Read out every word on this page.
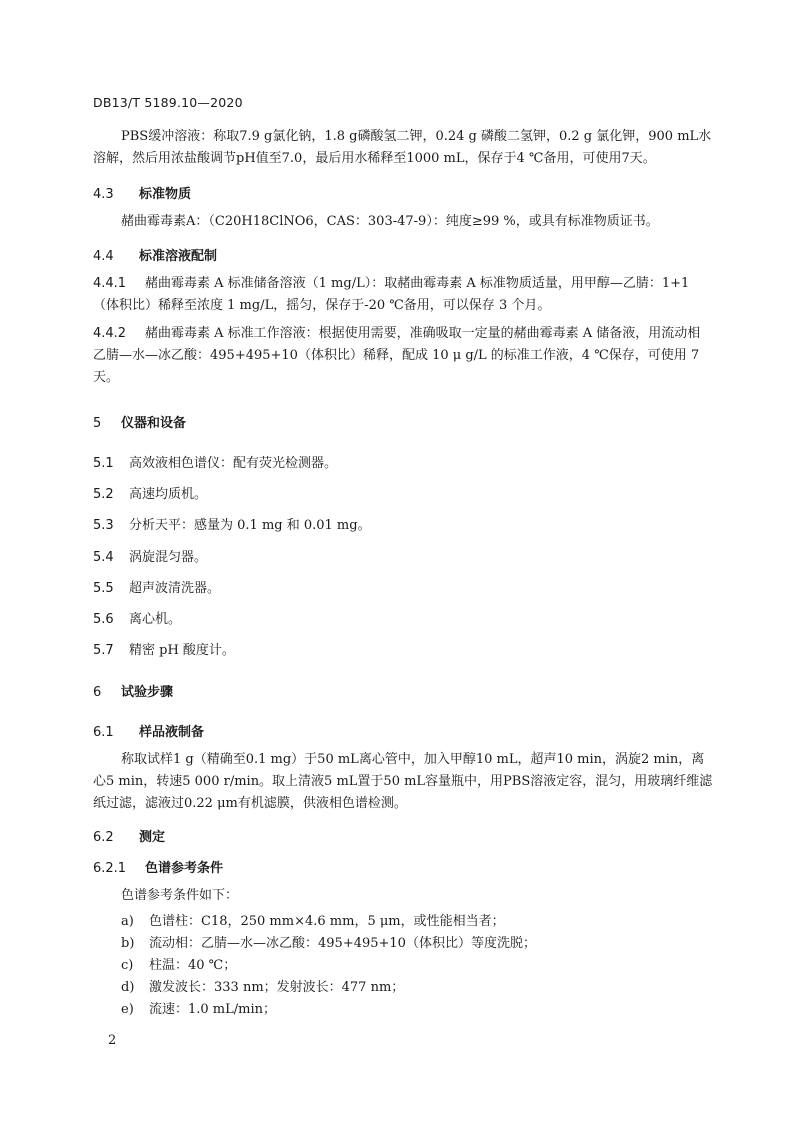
DB13/T 5189.10—2020
PBS缓冲溶液：称取7.9 g氯化钠，1.8 g磷酸氢二钾，0.24 g 磷酸二氢钾，0.2 g 氯化钾，900 mL水溶解，然后用浓盐酸调节pH值至7.0，最后用水稀释至1000 mL，保存于4 ℃备用，可使用7天。
4.3 标准物质
赭曲霉毒素A：（C20H18ClNO6，CAS：303-47-9）：纯度≥99 %，或具有标准物质证书。
4.4 标准溶液配制
4.4.1 赭曲霉毒素 A 标准储备溶液（1 mg/L）：取赭曲霉毒素 A 标准物质适量，用甲醇—乙腈：1+1（体积比）稀释至浓度 1 mg/L，摇匀，保存于-20 ℃备用，可以保存 3 个月。
4.4.2 赭曲霉毒素 A 标准工作溶液：根据使用需要，准确吸取一定量的赭曲霉毒素 A 储备液，用流动相乙腈—水—冰乙酸：495+495+10（体积比）稀释，配成 10 μ g/L 的标准工作液，4 ℃保存，可使用 7 天。
5 仪器和设备
5.1 高效液相色谱仪：配有荧光检测器。
5.2 高速均质机。
5.3 分析天平：感量为 0.1 mg 和 0.01 mg。
5.4 涡旋混匀器。
5.5 超声波清洗器。
5.6 离心机。
5.7 精密 pH 酸度计。
6 试验步骤
6.1 样品液制备
称取试样1 g（精确至0.1 mg）于50 mL离心管中，加入甲醇10 mL，超声10 min，涡旋2 min，离心5 min，转速5 000 r/min。取上清液5 mL置于50 mL容量瓶中，用PBS溶液定容，混匀，用玻璃纤维滤纸过滤，滤液过0.22 μm有机滤膜，供液相色谱检测。
6.2 测定
6.2.1 色谱参考条件
色谱参考条件如下：
a) 色谱柱：C18，250 mm×4.6 mm，5 μm，或性能相当者；
b) 流动相：乙腈—水—冰乙酸：495+495+10（体积比）等度洗脱；
c) 柱温：40 ℃；
d) 激发波长：333 nm；发射波长：477 nm；
e) 流速：1.0 mL/min；
2
